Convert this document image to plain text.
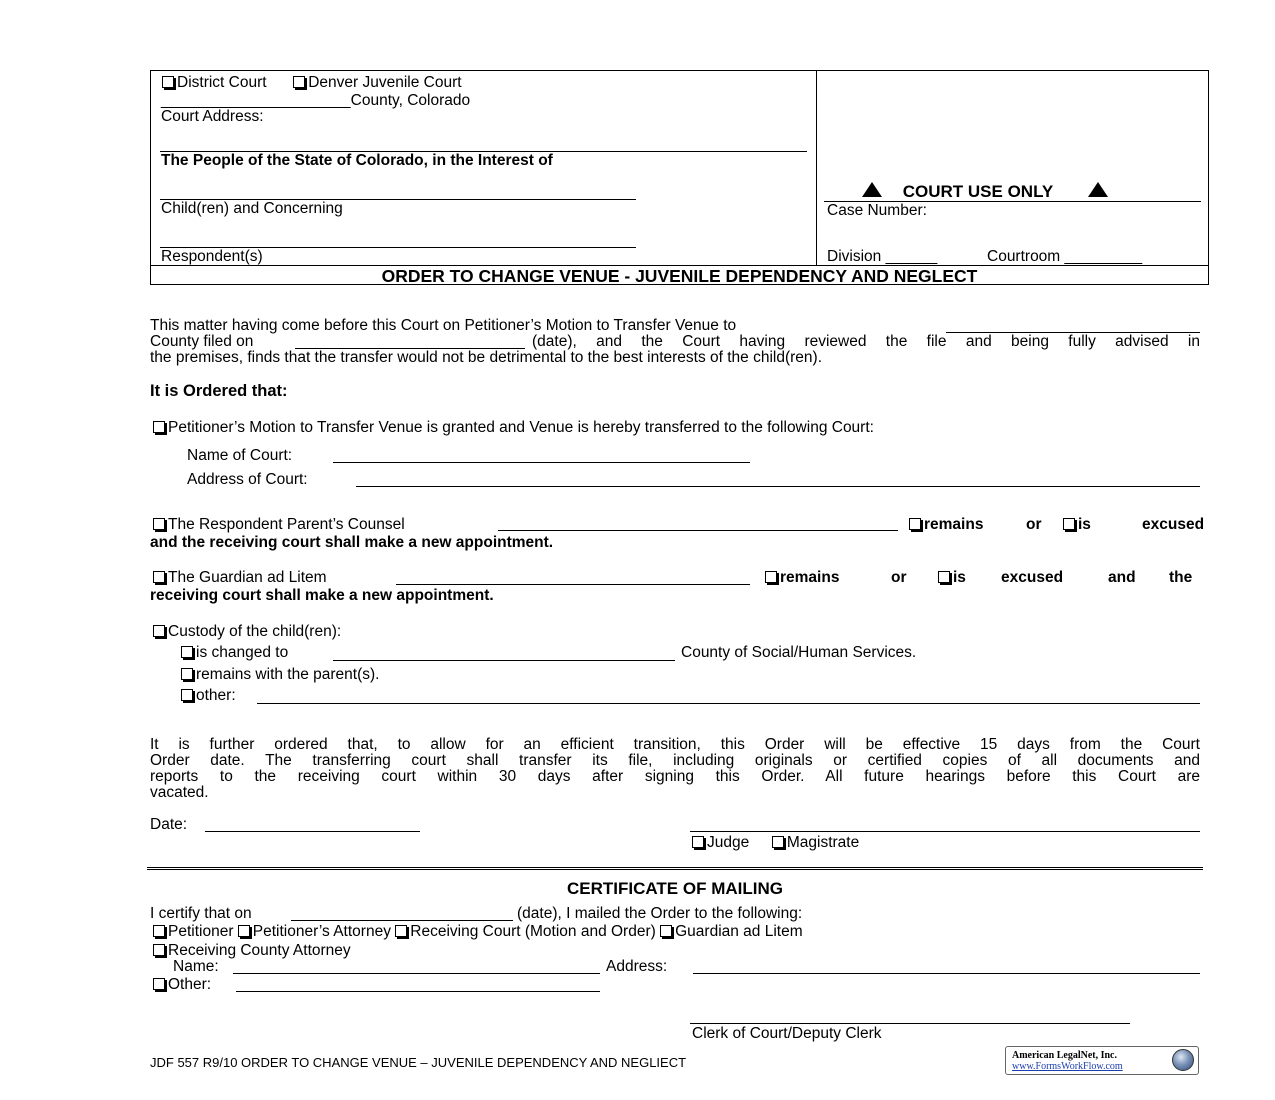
District Court	Denver Juvenile Court
______________________County, Colorado
Court Address:
The People of the State of Colorado, in the Interest of
Child(ren) and Concerning
Respondent(s)
COURT USE ONLY
Case Number:
Division ______	Courtroom _________
ORDER TO CHANGE VENUE - JUVENILE DEPENDENCY AND NEGLECT
This matter having come before this Court on Petitioner’s Motion to Transfer Venue to
County filed on	(date), and the Court having reviewed the file and being fully advised in
the premises, finds that the transfer would not be detrimental to the best interests of the child(ren).
It is Ordered that:
Petitioner’s Motion to Transfer Venue is granted and Venue is hereby transferred to the following Court:
Name of Court:
Address of Court:
The Respondent Parent’s Counsel	remains	or	is	excused
and the receiving court shall make a new appointment.
The Guardian ad Litem	remains	or	is excused	and the
receiving court shall make a new appointment.
Custody of the child(ren):
is changed to	County of Social/Human Services.
remains with the parent(s).
other:
It is further ordered that, to allow for an efficient transition, this Order will be effective 15 days from the Court
Order date. The transferring court shall transfer its file, including originals or certified copies of all documents and
reports to the receiving court within 30 days after signing this Order. All future hearings before this Court are
vacated.
Date:
Judge Magistrate
CERTIFICATE OF MAILING
I certify that on	(date), I mailed the Order to the following:
Petitioner Petitioner’s Attorney Receiving Court (Motion and Order) Guardian ad Litem
Receiving County Attorney
Name:	Address:
Other:
Clerk of Court/Deputy Clerk
JDF 557 R9/10 ORDER TO CHANGE VENUE – JUVENILE DEPENDENCY AND NEGLIECT	American LegalNet, Inc.
www.FormsWorkFlow.com
